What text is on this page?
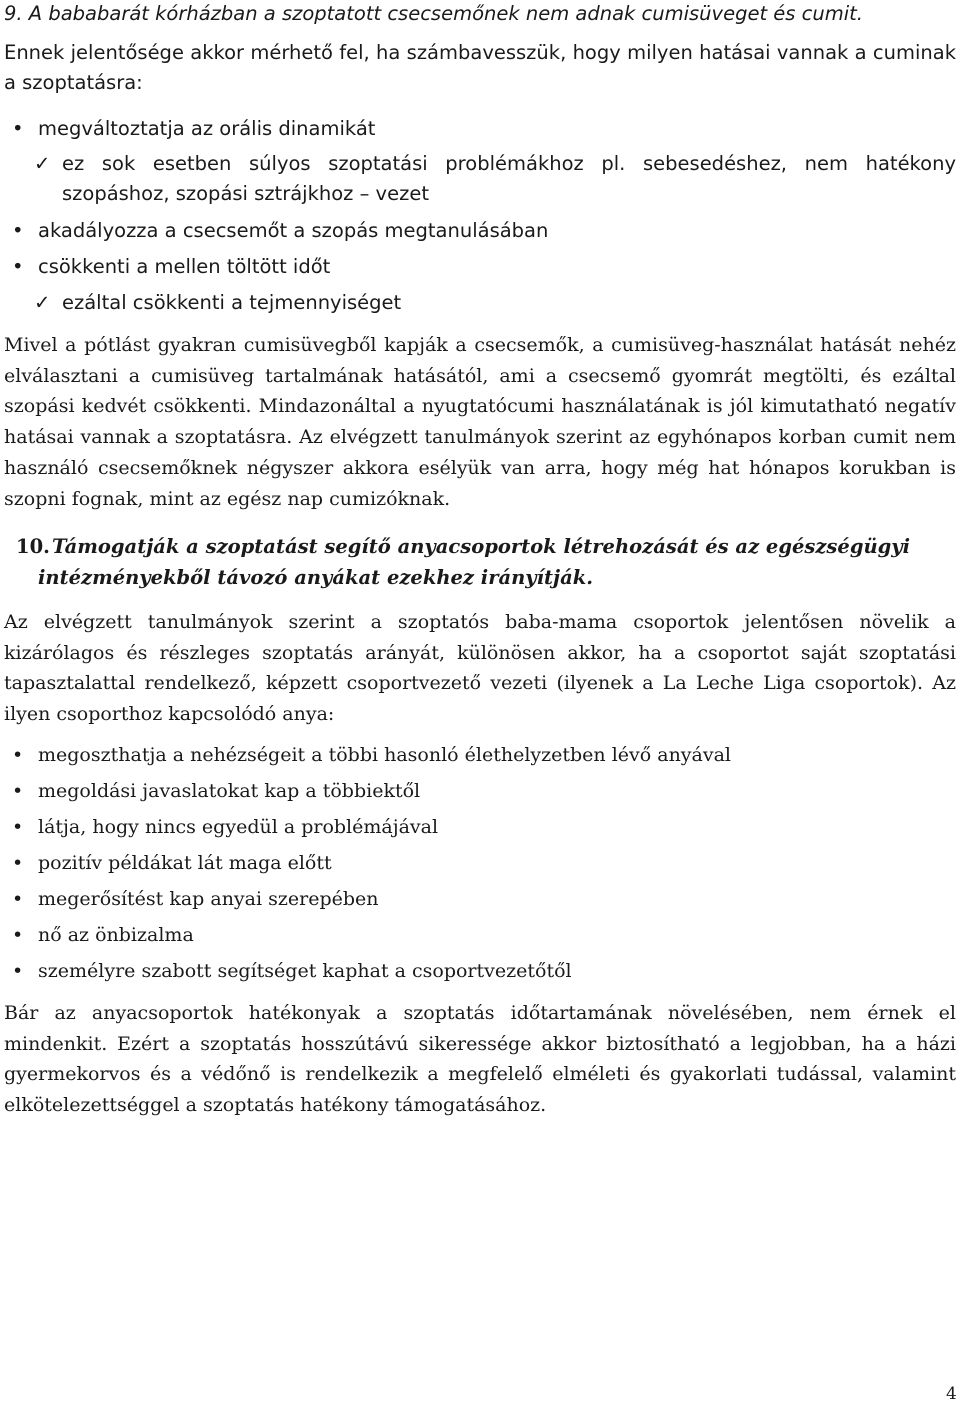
9. A bababarát kórházban a szoptatott csecsemőnek nem adnak cumisüveget és cumit.
Ennek jelentősége akkor mérhető fel, ha számbavesszük, hogy milyen hatásai vannak a cuminak a szoptatásra:
• megváltoztatja az orális dinamikát
✓ ez sok esetben súlyos szoptatási problémákhoz pl. sebesedéshez, nem hatékony szopáshoz, szopási sztrájkhoz – vezet
• akadályozza a csecsemőt a szopás megtanulásában
• csökkenti a mellen töltött időt
✓ ezáltal csökkenti a tejmennyiséget
Mivel a pótlást gyakran cumisüvegből kapják a csecsemők, a cumisüveg-használat hatását nehéz elválasztani a cumisüveg tartalmának hatásától, ami a csecsemő gyomrát megtölti, és ezáltal szopási kedvét csökkenti. Mindazonáltal a nyugtatócumi használatának is jól kimutatható negatív hatásai vannak a szoptatásra. Az elvégzett tanulmányok szerint az egyhónapos korban cumit nem használó csecsemőknek négyszer akkora esélyük van arra, hogy még hat hónapos korukban is szopni fognak, mint az egész nap cumizóknak.
10. Támogatják a szoptatást segítő anyacsoportok létrehozását és az egészségügyi
intézményekből távozó anyákat ezekhez irányítják.
Az elvégzett tanulmányok szerint a szoptatós baba-mama csoportok jelentősen növelik a kizárólagos és részleges szoptatás arányát, különösen akkor, ha a csoportot saját szoptatási tapasztalattal rendelkező, képzett csoportvezető vezeti (ilyenek a La Leche Liga csoportok). Az ilyen csoporthoz kapcsolódó anya:
• megoszthatja a nehézségeit a többi hasonló élethelyzetben lévő anyával
• megoldási javaslatokat kap a többiektől
• látja, hogy nincs egyedül a problémájával
• pozitív példákat lát maga előtt
• megerősítést kap anyai szerepében
• nő az önbizalma
• személyre szabott segítséget kaphat a csoportvezetőtől
Bár az anyacsoportok hatékonyak a szoptatás időtartamának növelésében, nem érnek el mindenkit. Ezért a szoptatás hosszútávú sikeressége akkor biztosítható a legjobban, ha a házi gyermekorvos és a védőnő is rendelkezik a megfelelő elméleti és gyakorlati tudással, valamint elkötelezettséggel a szoptatás hatékony támogatásához.
4
